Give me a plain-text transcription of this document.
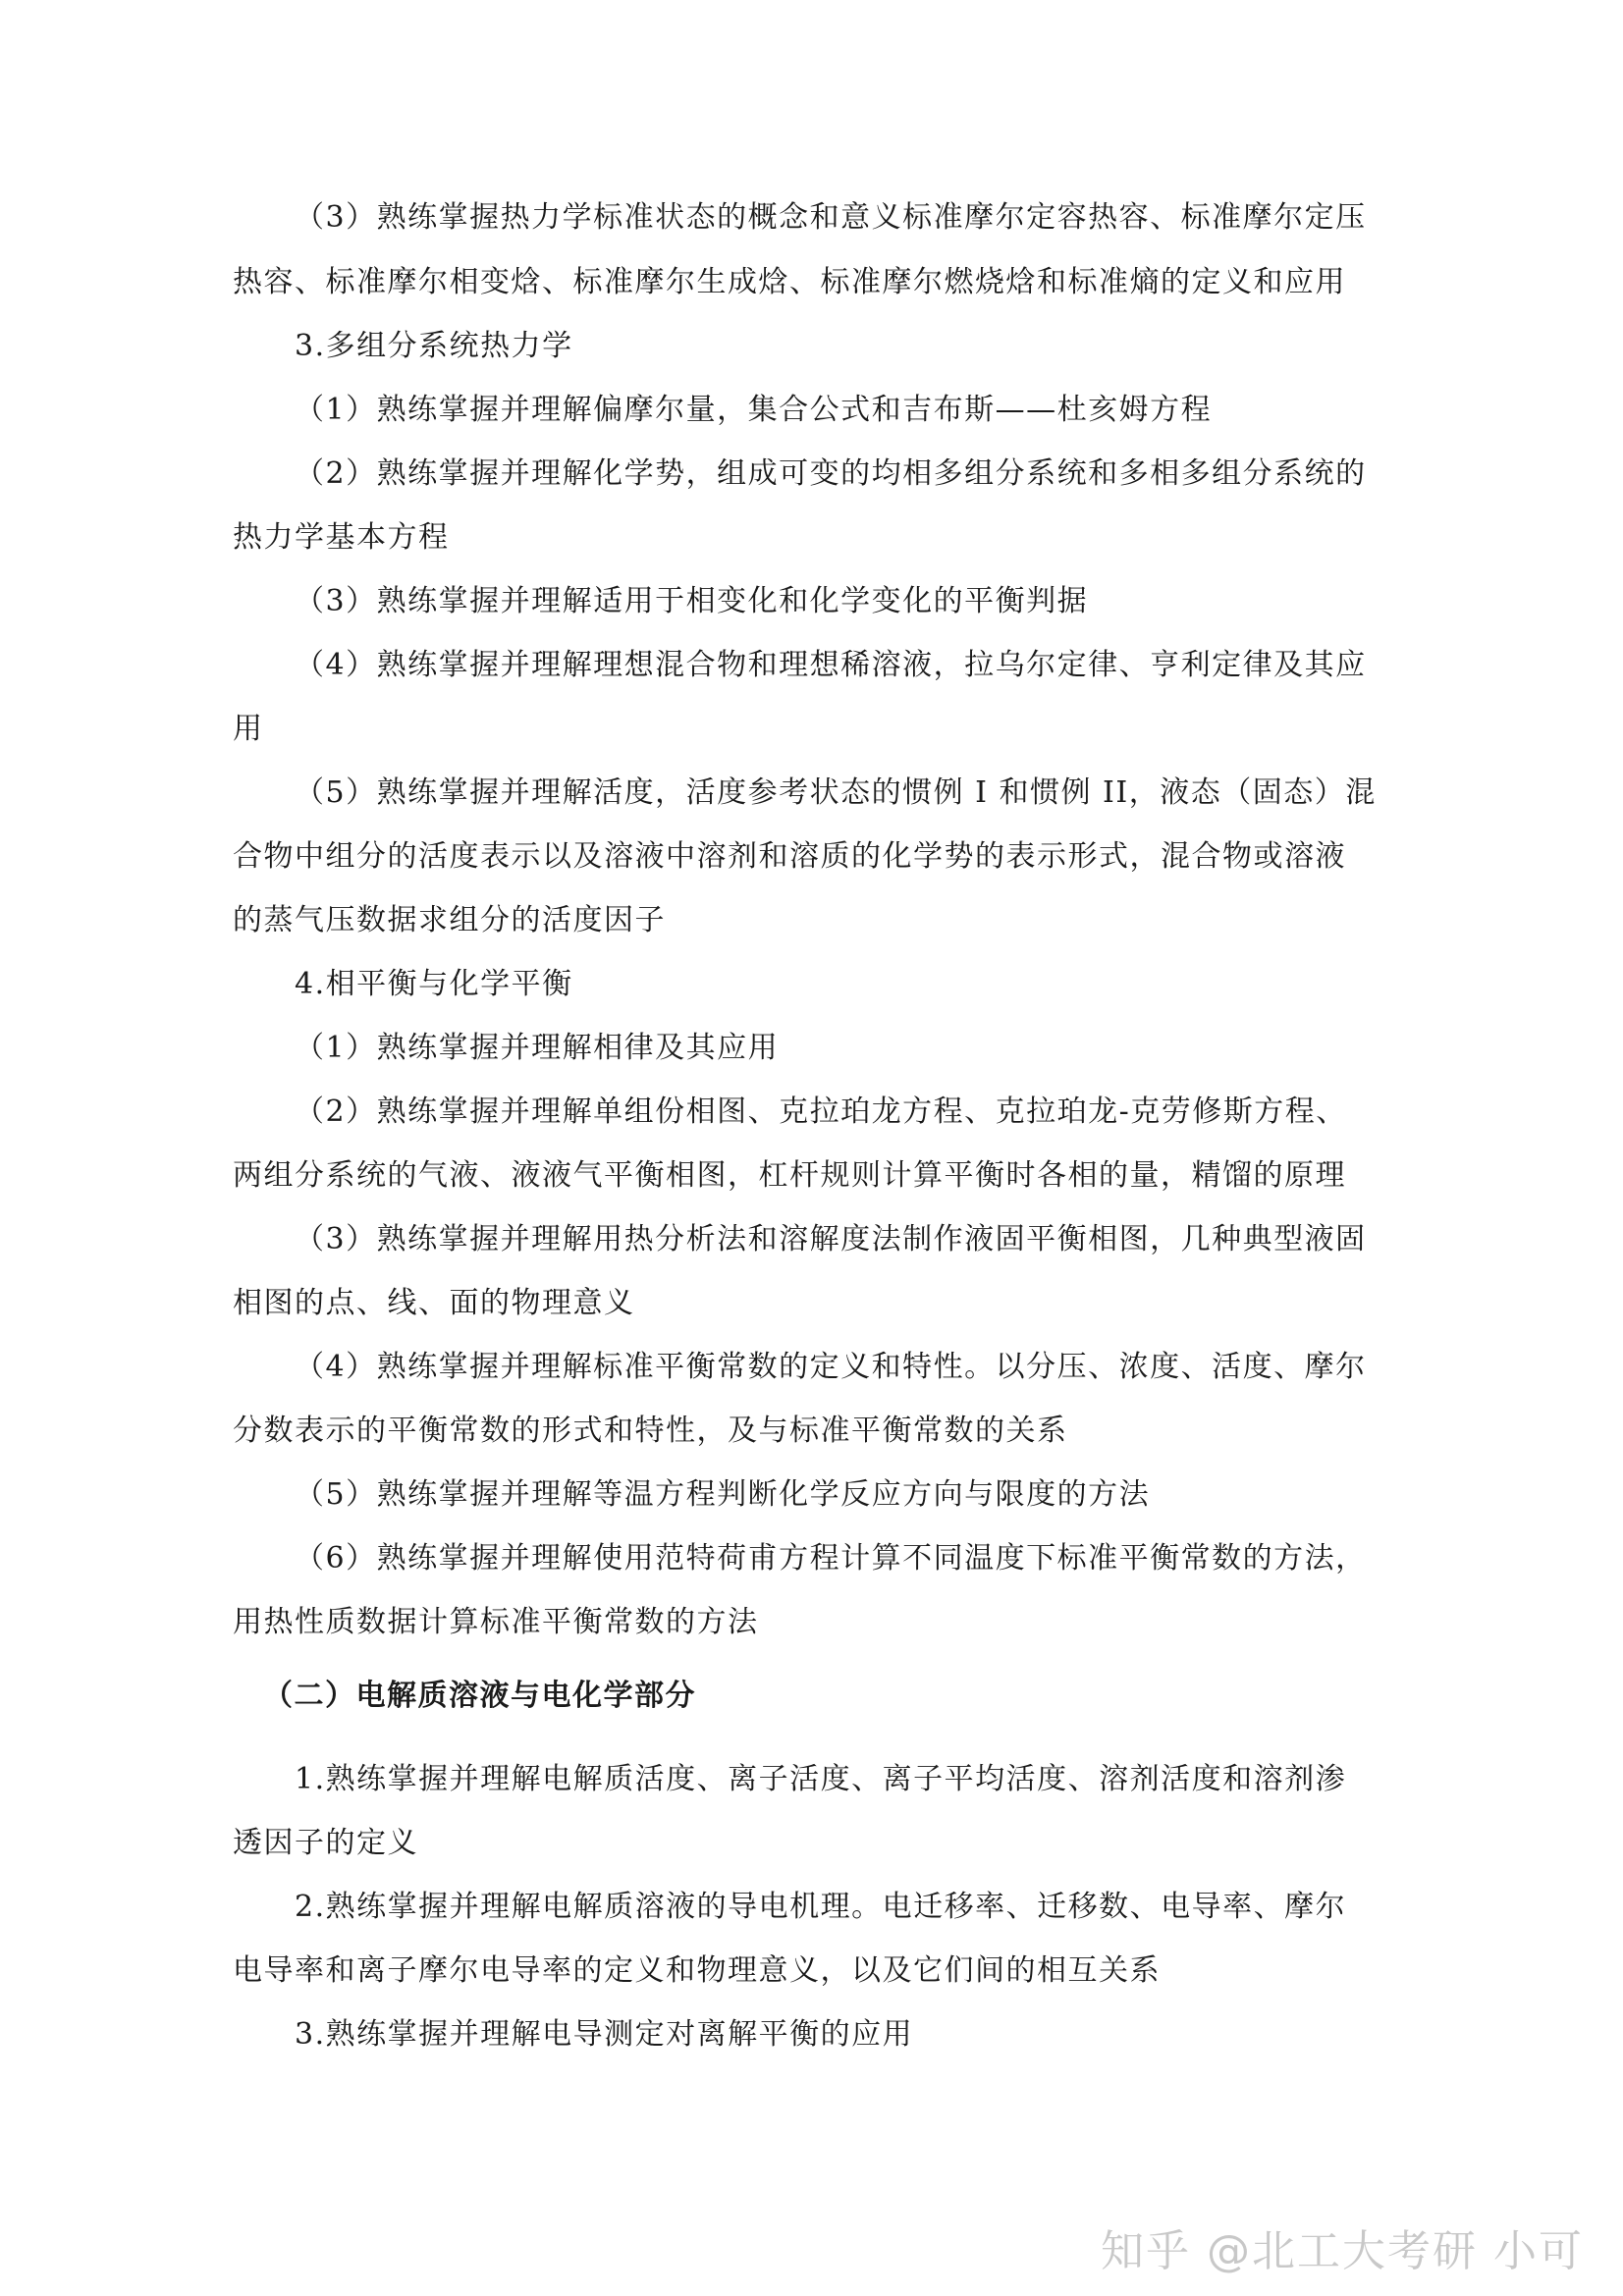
（3）熟练掌握热力学标准状态的概念和意义标准摩尔定容热容、标准摩尔定压
热容、标准摩尔相变焓、标准摩尔生成焓、标准摩尔燃烧焓和标准熵的定义和应用
3.多组分系统热力学
（1）熟练掌握并理解偏摩尔量，集合公式和吉布斯——杜亥姆方程
（2）熟练掌握并理解化学势，组成可变的均相多组分系统和多相多组分系统的
热力学基本方程
（3）熟练掌握并理解适用于相变化和化学变化的平衡判据
（4）熟练掌握并理解理想混合物和理想稀溶液，拉乌尔定律、亨利定律及其应
用
（5）熟练掌握并理解活度，活度参考状态的惯例 I 和惯例 II，液态（固态）混
合物中组分的活度表示以及溶液中溶剂和溶质的化学势的表示形式，混合物或溶液
的蒸气压数据求组分的活度因子
4.相平衡与化学平衡
（1）熟练掌握并理解相律及其应用
（2）熟练掌握并理解单组份相图、克拉珀龙方程、克拉珀龙-克劳修斯方程、
两组分系统的气液、液液气平衡相图，杠杆规则计算平衡时各相的量，精馏的原理
（3）熟练掌握并理解用热分析法和溶解度法制作液固平衡相图，几种典型液固
相图的点、线、面的物理意义
（4）熟练掌握并理解标准平衡常数的定义和特性。以分压、浓度、活度、摩尔
分数表示的平衡常数的形式和特性，及与标准平衡常数的关系
（5）熟练掌握并理解等温方程判断化学反应方向与限度的方法
（6）熟练掌握并理解使用范特荷甫方程计算不同温度下标准平衡常数的方法，
用热性质数据计算标准平衡常数的方法
（二）电解质溶液与电化学部分
1.熟练掌握并理解电解质活度、离子活度、离子平均活度、溶剂活度和溶剂渗
透因子的定义
2.熟练掌握并理解电解质溶液的导电机理。电迁移率、迁移数、电导率、摩尔
电导率和离子摩尔电导率的定义和物理意义，以及它们间的相互关系
3.熟练掌握并理解电导测定对离解平衡的应用
知乎 @北工大考研 小可
